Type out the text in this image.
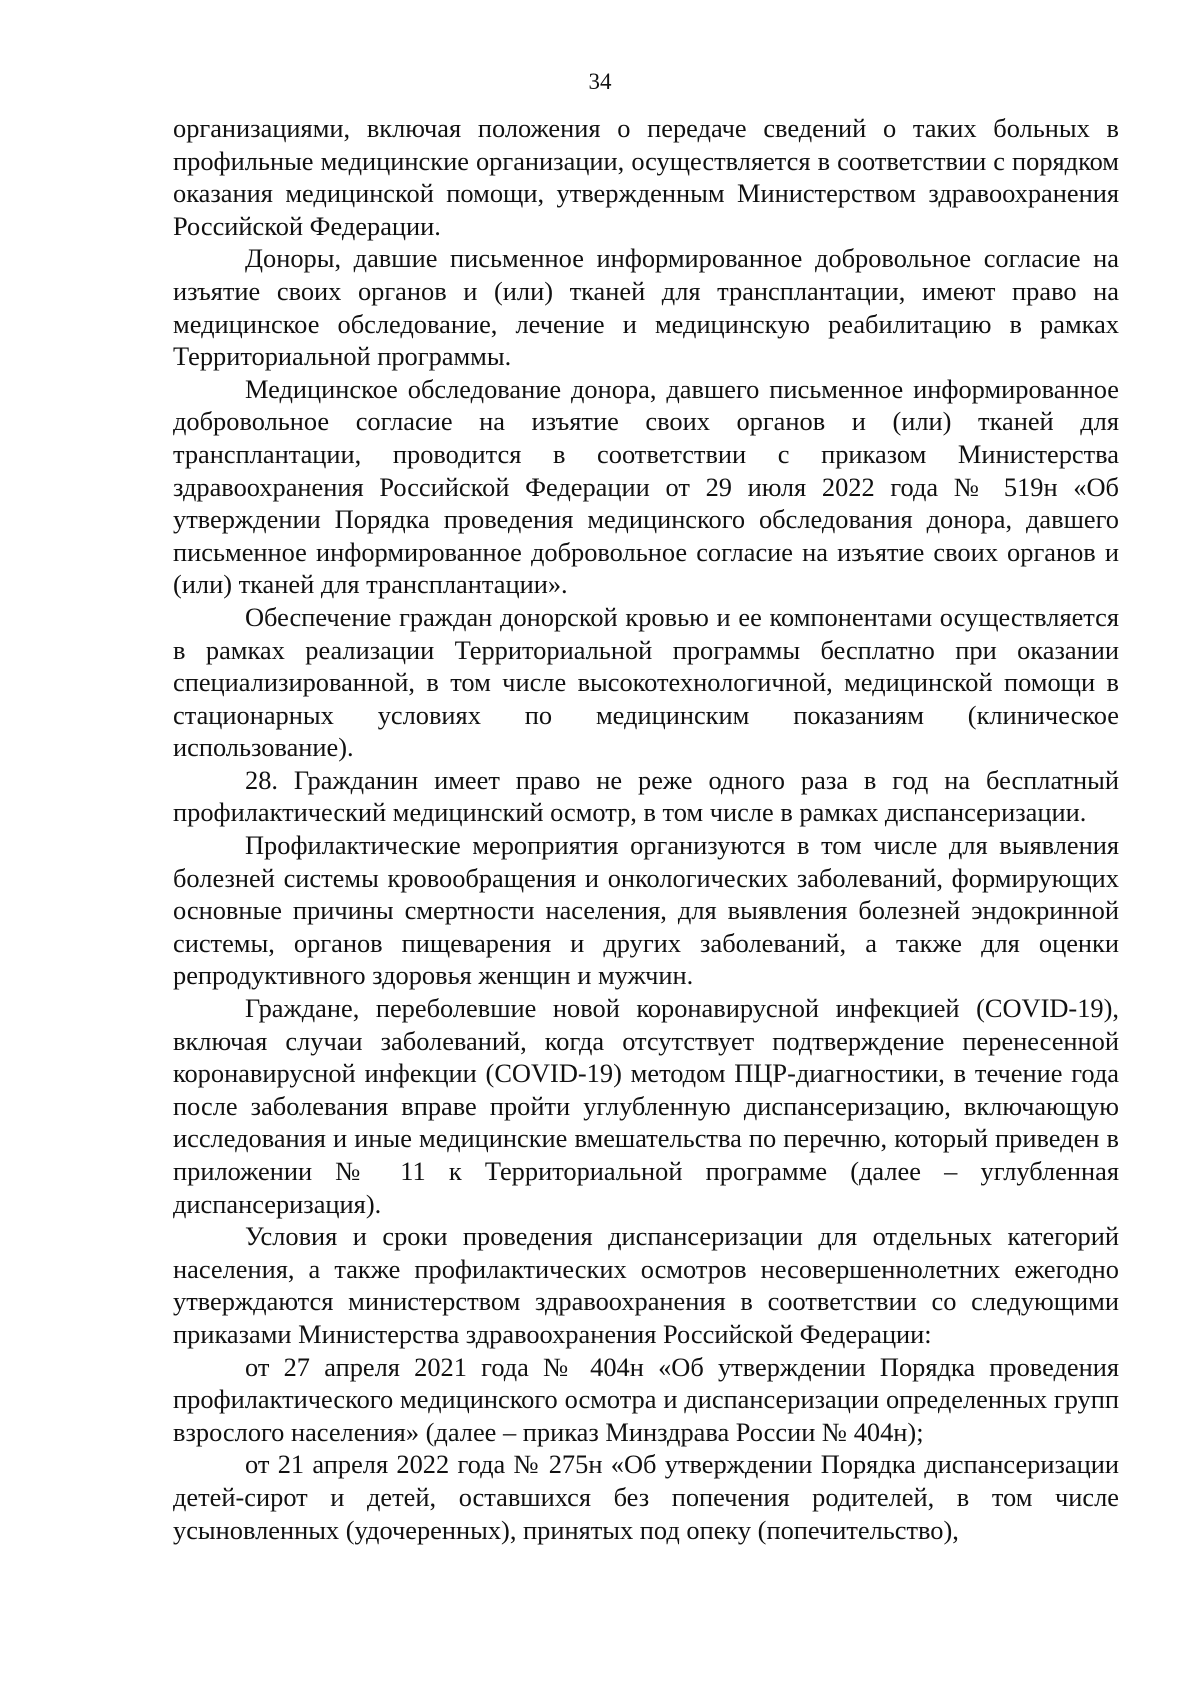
34

организациями, включая положения о передаче сведений о таких больных в профильные медицинские организации, осуществляется в соответствии с порядком оказания медицинской помощи, утвержденным Министерством здравоохранения Российской Федерации.

Доноры, давшие письменное информированное добровольное согласие на изъятие своих органов и (или) тканей для трансплантации, имеют право на медицинское обследование, лечение и медицинскую реабилитацию в рамках Территориальной программы.

Медицинское обследование донора, давшего письменное информированное добровольное согласие на изъятие своих органов и (или) тканей для трансплантации, проводится в соответствии с приказом Министерства здравоохранения Российской Федерации от 29 июля 2022 года № 519н «Об утверждении Порядка проведения медицинского обследования донора, давшего письменное информированное добровольное согласие на изъятие своих органов и (или) тканей для трансплантации».

Обеспечение граждан донорской кровью и ее компонентами осуществляется в рамках реализации Территориальной программы бесплатно при оказании специализированной, в том числе высокотехнологичной, медицинской помощи в стационарных условиях по медицинским показаниям (клиническое использование).

28. Гражданин имеет право не реже одного раза в год на бесплатный профилактический медицинский осмотр, в том числе в рамках диспансеризации.

Профилактические мероприятия организуются в том числе для выявления болезней системы кровообращения и онкологических заболеваний, формирующих основные причины смертности населения, для выявления болезней эндокринной системы, органов пищеварения и других заболеваний, а также для оценки репродуктивного здоровья женщин и мужчин.

Граждане, переболевшие новой коронавирусной инфекцией (COVID-19), включая случаи заболеваний, когда отсутствует подтверждение перенесенной коронавирусной инфекции (COVID-19) методом ПЦР-диагностики, в течение года после заболевания вправе пройти углубленную диспансеризацию, включающую исследования и иные медицинские вмешательства по перечню, который приведен в приложении № 11 к Территориальной программе (далее – углубленная диспансеризация).

Условия и сроки проведения диспансеризации для отдельных категорий населения, а также профилактических осмотров несовершеннолетних ежегодно утверждаются министерством здравоохранения в соответствии со следующими приказами Министерства здравоохранения Российской Федерации:

от 27 апреля 2021 года № 404н «Об утверждении Порядка проведения профилактического медицинского осмотра и диспансеризации определенных групп взрослого населения» (далее – приказ Минздрава России № 404н);

от 21 апреля 2022 года № 275н «Об утверждении Порядка диспансеризации детей-сирот и детей, оставшихся без попечения родителей, в том числе усыновленных (удочеренных), принятых под опеку (попечительство),
